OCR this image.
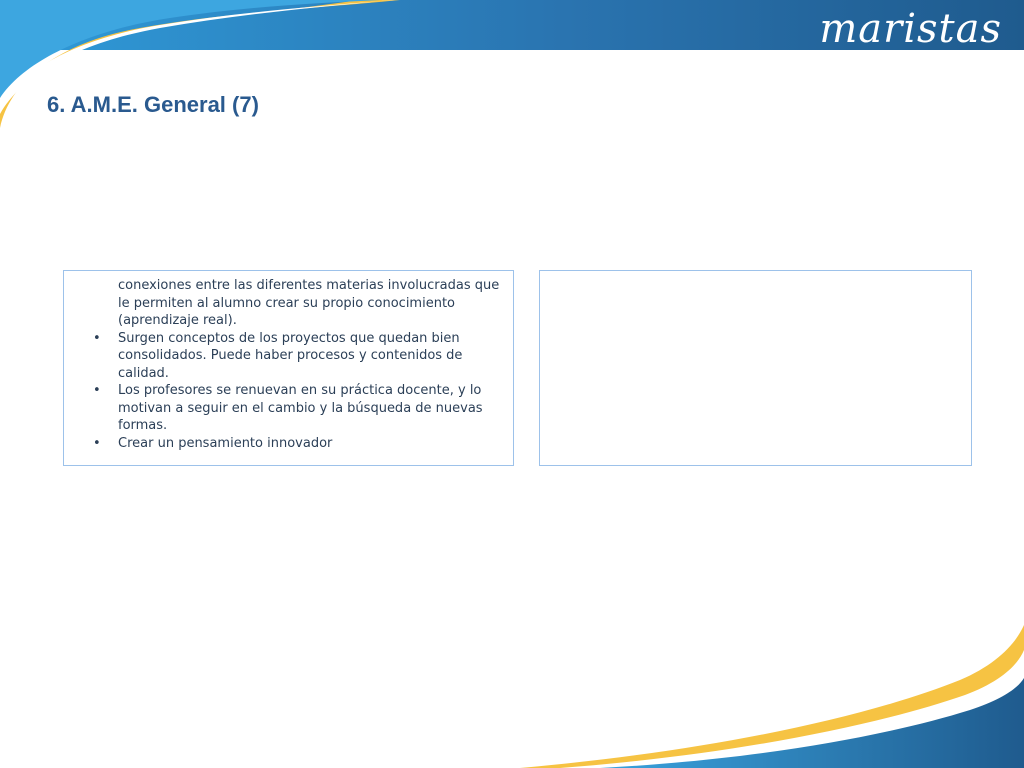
maristas
6. A.M.E. General (7)

conexiones entre las diferentes materias involucradas que le permiten al alumno crear su propio conocimiento (aprendizaje real).

• Surgen conceptos de los proyectos que quedan bien consolidados. Puede haber procesos y contenidos de calidad.
• Los profesores se renuevan en su práctica docente, y lo motivan a seguir en el cambio y la búsqueda de nuevas formas.
• Crear un pensamiento innovador
